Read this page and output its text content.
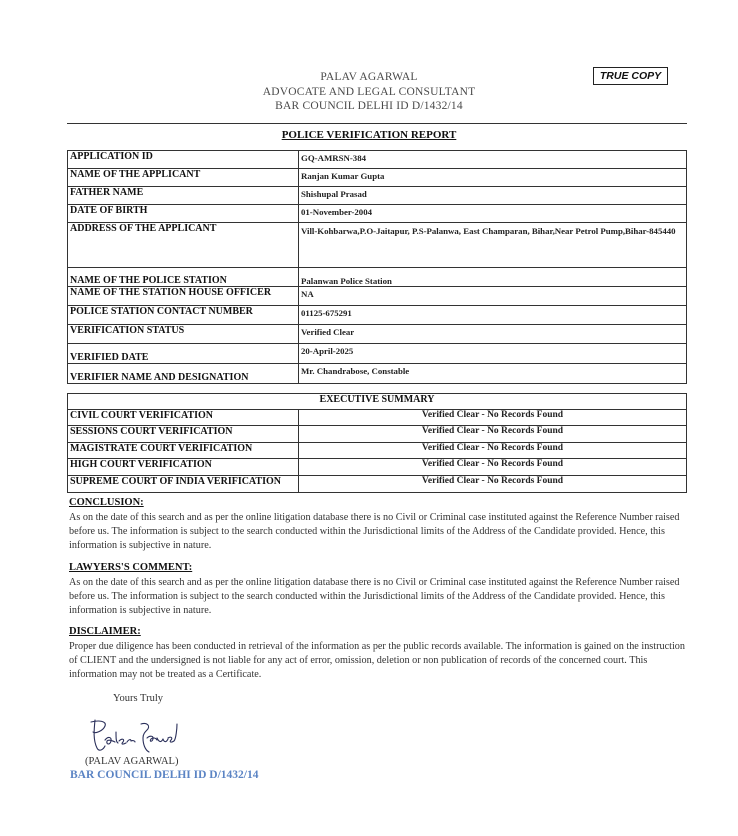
PALAV AGARWAL
ADVOCATE AND LEGAL CONSULTANT
BAR COUNCIL DELHI ID D/1432/14
TRUE COPY
POLICE VERIFICATION REPORT
APPLICATION ID	GQ-AMRSN-384
NAME OF THE APPLICANT	Ranjan Kumar Gupta
FATHER NAME	Shishupal Prasad
DATE OF BIRTH	01-November-2004
ADDRESS OF THE APPLICANT	Vill-Kohbarwa,P.O-Jaitapur, P.S-Palanwa, East Champaran, Bihar,Near Petrol Pump,Bihar-845440
NAME OF THE POLICE STATION	Palanwan Police Station
NAME OF THE STATION HOUSE OFFICER	NA
POLICE STATION CONTACT NUMBER	01125-675291
VERIFICATION STATUS	Verified Clear
VERIFIED DATE	20-April-2025
VERIFIER NAME AND DESIGNATION	Mr. Chandrabose, Constable
EXECUTIVE SUMMARY	
CIVIL COURT VERIFICATION	Verified Clear - No Records Found
SESSIONS COURT VERIFICATION	Verified Clear - No Records Found
MAGISTRATE COURT VERIFICATION	Verified Clear - No Records Found
HIGH COURT VERIFICATION	Verified Clear - No Records Found
SUPREME COURT OF INDIA VERIFICATION	Verified Clear - No Records Found
CONCLUSION:
As on the date of this search and as per the online litigation database there is no Civil or Criminal case instituted against the Reference Number raised before us. The information is subject to the search conducted within the Jurisdictional limits of the Address of the Candidate provided. Hence, this information is subjective in nature.
LAWYERS'S COMMENT:
As on the date of this search and as per the online litigation database there is no Civil or Criminal case instituted against the Reference Number raised before us. The information is subject to the search conducted within the Jurisdictional limits of the Address of the Candidate provided. Hence, this information is subjective in nature.
DISCLAIMER:
Proper due diligence has been conducted in retrieval of the information as per the public records available. The information is gained on the instruction of CLIENT and the undersigned is not liable for any act of error, omission, deletion or non publication of records of the concerned court. This information may not be treated as a Certificate.
Yours Truly
(PALAV AGARWAL)
BAR COUNCIL DELHI ID D/1432/14
